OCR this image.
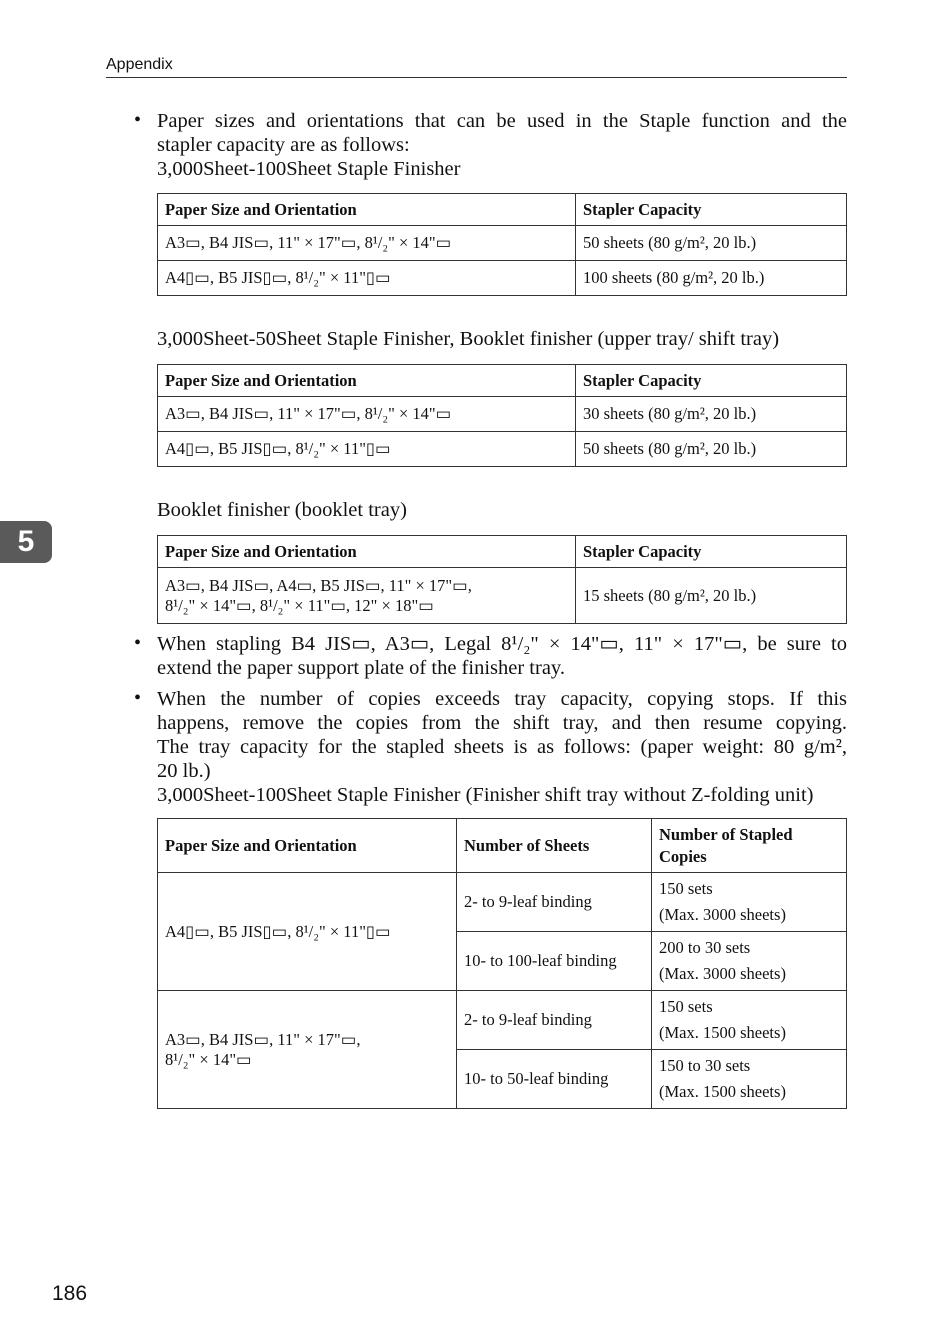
Appendix
5
• Paper sizes and orientations that can be used in the Staple function and the
stapler capacity are as follows:
3,000Sheet-100Sheet Staple Finisher
Paper Size and Orientation	Stapler Capacity
A3▭, B4 JIS▭, 11" × 17"▭, 8¹/₂" × 14"▭	50 sheets (80 g/m², 20 lb.)
A4▯▭, B5 JIS▯▭, 8¹/₂" × 11"▯▭	100 sheets (80 g/m², 20 lb.)
3,000Sheet-50Sheet Staple Finisher, Booklet finisher (upper tray/ shift tray)
Paper Size and Orientation	Stapler Capacity
A3▭, B4 JIS▭, 11" × 17"▭, 8¹/₂" × 14"▭	30 sheets (80 g/m², 20 lb.)
A4▯▭, B5 JIS▯▭, 8¹/₂" × 11"▯▭	50 sheets (80 g/m², 20 lb.)
Booklet finisher (booklet tray)
Paper Size and Orientation	Stapler Capacity

A3▭, B4 JIS▭, A4▭, B5 JIS▭, 11" × 17"▭,
8¹/₂" × 14"▭, 8¹/₂" × 11"▭, 12" × 18"▭	15 sheets (80 g/m², 20 lb.)
• When stapling B4 JIS▭, A3▭, Legal 8¹/₂" × 14"▭, 11" × 17"▭, be sure to
extend the paper support plate of the finisher tray.
• When the number of copies exceeds tray capacity, copying stops. If this
happens, remove the copies from the shift tray, and then resume copying.
The tray capacity for the stapled sheets is as follows: (paper weight: 80 g/m²,
20 lb.)
3,000Sheet-100Sheet Staple Finisher (Finisher shift tray without Z-folding unit)
Paper Size and Orientation	Number of Sheets	Number of Stapled Copies

A4▯▭, B5 JIS▯▭, 8¹/₂" × 11"▯▭	2- to 9-leaf binding	150 sets
(Max. 3000 sheets)

	10- to 100-leaf binding	200 to 30 sets
(Max. 3000 sheets)

A3▭, B4 JIS▭, 11" × 17"▭,
8¹/₂" × 14"▭	2- to 9-leaf binding	150 sets
(Max. 1500 sheets)

	10- to 50-leaf binding	150 to 30 sets
(Max. 1500 sheets)
186
